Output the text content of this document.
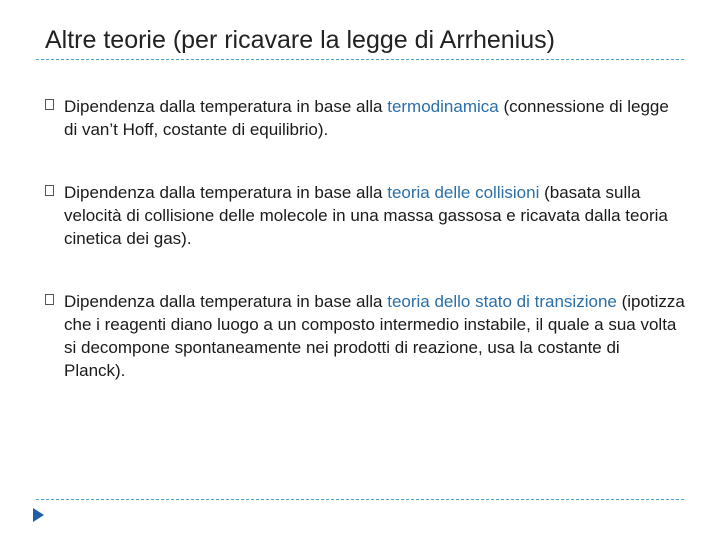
Altre teorie (per ricavare la legge di Arrhenius)
Dipendenza dalla temperatura in base alla termodinamica (connessione di legge di van’t Hoff, costante di equilibrio).
Dipendenza dalla temperatura in base alla teoria delle collisioni (basata sulla velocità di collisione delle molecole in una massa gassosa e ricavata dalla teoria cinetica dei gas).
Dipendenza dalla temperatura in base alla teoria dello stato di transizione (ipotizza che i reagenti diano luogo a un composto intermedio instabile, il quale a sua volta si decompone spontaneamente nei prodotti di reazione, usa la costante di Planck).
